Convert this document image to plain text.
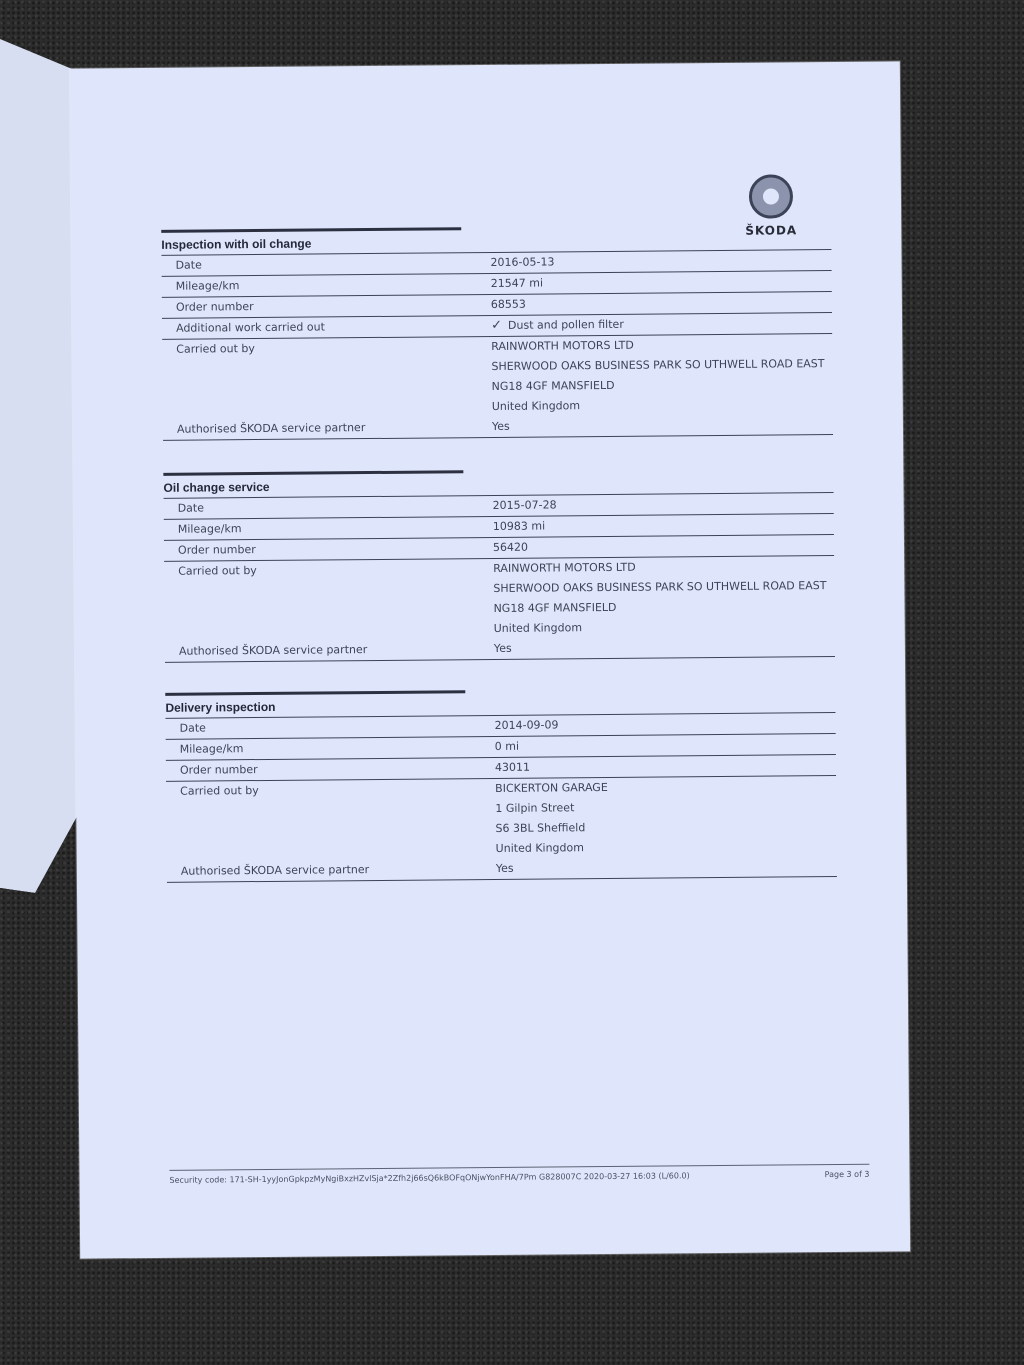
ŠKODA
Inspection with oil change
Date	2016-05-13
Mileage/km	21547 mi
Order number	68553
Additional work carried out	✓ Dust and pollen filter
Carried out by	RAINWORTH MOTORS LTD
SHERWOOD OAKS BUSINESS PARK SO UTHWELL ROAD EAST
NG18 4GF MANSFIELD
United Kingdom
Authorised ŠKODA service partner	Yes
Oil change service
Date	2015-07-28
Mileage/km	10983 mi
Order number	56420
Carried out by	RAINWORTH MOTORS LTD
SHERWOOD OAKS BUSINESS PARK SO UTHWELL ROAD EAST
NG18 4GF MANSFIELD
United Kingdom
Authorised ŠKODA service partner	Yes
Delivery inspection
Date	2014-09-09
Mileage/km	0 mi
Order number	43011
Carried out by	BICKERTON GARAGE
1 Gilpin Street
S6 3BL Sheffield
United Kingdom
Authorised ŠKODA service partner	Yes
Security code: 171-SH-1yyJonGpkpzMyNgiBxzHZvlSja*2Zfh2j66sQ6kBOFqONjwYonFHA/7Pm G828007C 2020-03-27 16:03 (L/60.0)	Page 3 of 3
